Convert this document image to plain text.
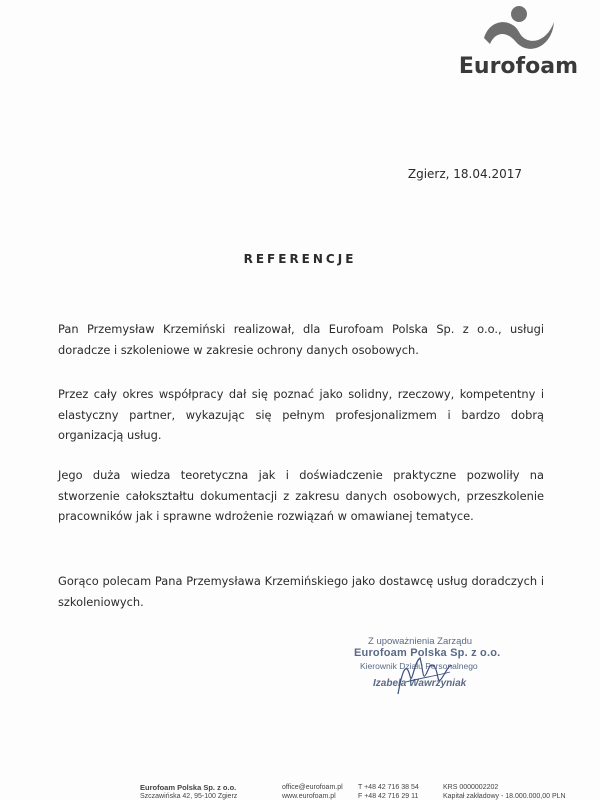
Eurofoam
Zgierz, 18.04.2017
REFERENCJE

Pan Przemysław Krzemiński realizował, dla Eurofoam Polska Sp. z o.o., usługi doradcze i szkoleniowe w zakresie ochrony danych osobowych.

Przez cały okres współpracy dał się poznać jako solidny, rzeczowy, kompetentny i elastyczny partner, wykazując się pełnym profesjonalizmem i bardzo dobrą organizacją usług.

Jego duża wiedza teoretyczna jak i doświadczenie praktyczne pozwoliły na stworzenie całokształtu dokumentacji z zakresu danych osobowych, przeszkolenie pracowników jak i sprawne wdrożenie rozwiązań w omawianej tematyce.

Gorąco polecam Pana Przemysława Krzemińskiego jako dostawcę usług doradczych i szkoleniowych.

Z upoważnienia Zarządu
Eurofoam Polska Sp. z o.o.
Kierownik Działu Personalnego
Izabela Wawrzyniak
Eurofoam Polska Sp. z o.o.
Szczawińska 42, 95-100 Zgierz
office@eurofoam.pl
www.eurofoam.pl
T +48 42 716 38 54
F +48 42 716 29 11
KRS 0000002202
Kapitał zakładowy - 18.000.000,00 PLN
